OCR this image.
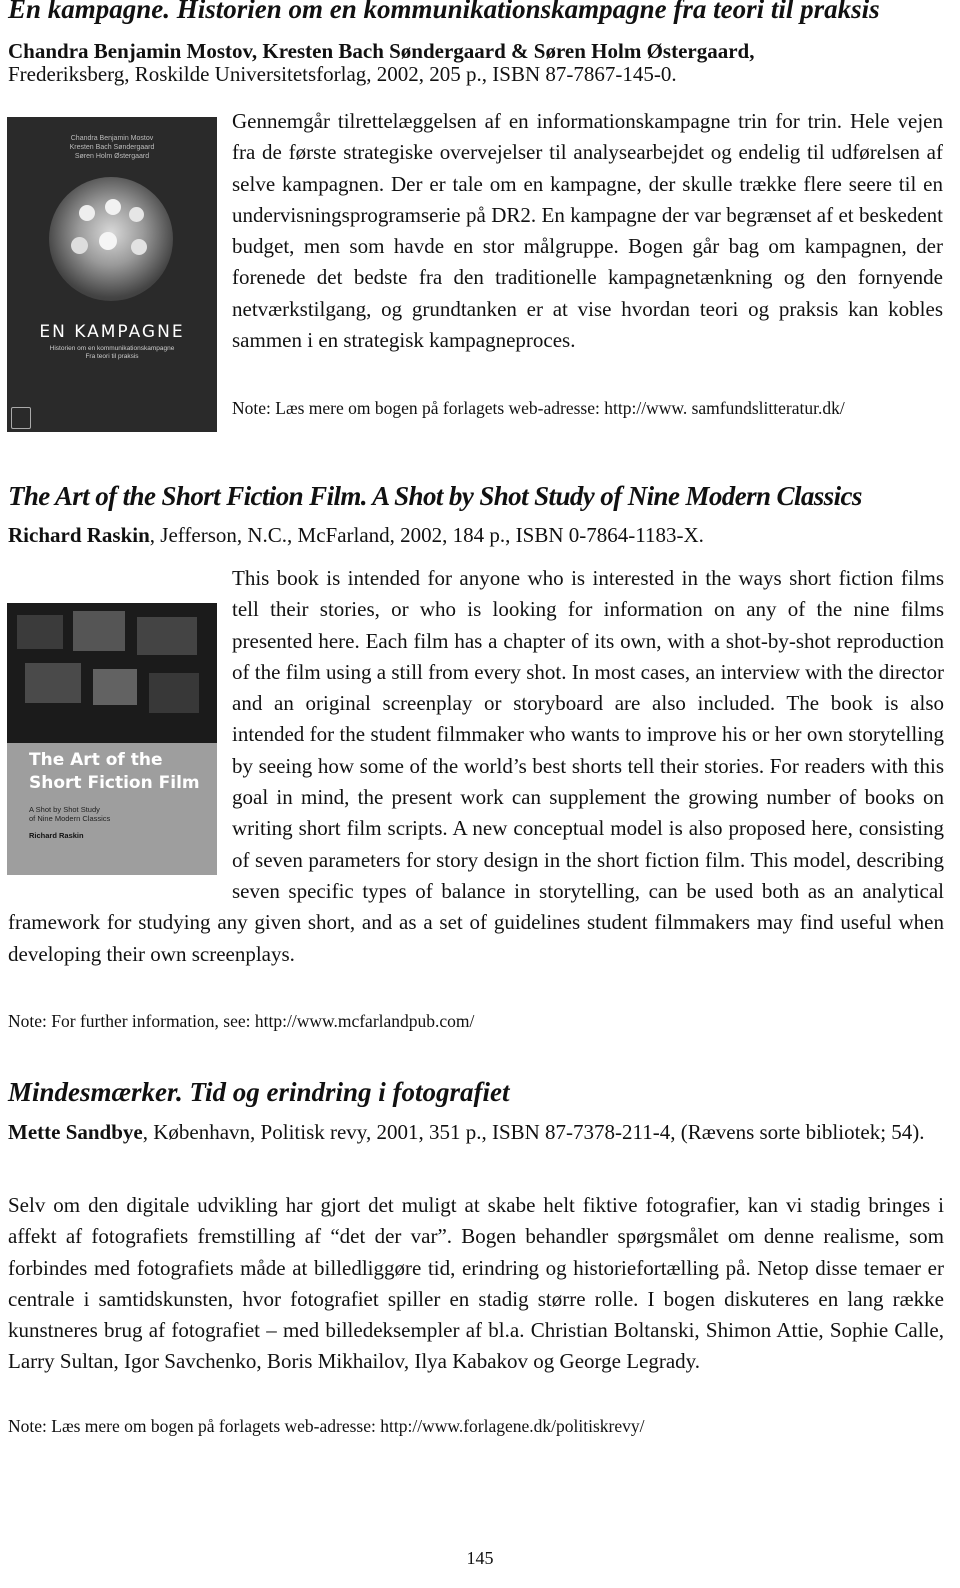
En kampagne. Historien om en kommunikationskampagne fra teori til praksis
Chandra Benjamin Mostov, Kresten Bach Søndergaard & Søren Holm Østergaard,
Frederiksberg, Roskilde Universitetsforlag, 2002, 205 p., ISBN 87-7867-145-0.
Chandra Benjamin Mostov
Kresten Bach Søndergaard
Søren Holm Østergaard
EN KAMPAGNE
Historien om en kommunikationskampagne
Fra teori til praksis
Gennemgår tilrettelæggelsen af en informationskampagne trin for trin. Hele vejen fra de første strategiske overvejelser til analysearbejdet og endelig til udførelsen af selve kampagnen. Der er tale om en kampagne, der skulle trække flere seere til en undervisningsprogramserie på DR2. En kampagne der var begrænset af et beskedent budget, men som havde en stor målgruppe. Bogen går bag om kampagnen, der forenede det bedste fra den traditionelle kampagnetænkning og den fornyende netværkstilgang, og grundtanken er at vise hvordan teori og praksis kan kobles sammen i en strategisk kampagneproces.
Note: Læs mere om bogen på forlagets web-adresse: http://www. samfundslitteratur.dk/
The Art of the Short Fiction Film. A Shot by Shot Study of Nine Modern Classics
Richard Raskin, Jefferson, N.C., McFarland, 2002, 184 p., ISBN 0-7864-1183-X.
The Art of the
Short Fiction Film
A Shot by Shot Study
of Nine Modern Classics
Richard Raskin
This book is intended for anyone who is interested in the ways short fiction films tell their stories, or who is looking for information on any of the nine films presented here. Each film has a chapter of its own, with a shot-by-shot reproduction of the film using a still from every shot. In most cases, an interview with the director and an original screenplay or storyboard are also included. The book is also intended for the student filmmaker who wants to improve his or her own storytelling by seeing how some of the world’s best shorts tell their stories. For readers with this goal in mind, the present work can supplement the growing number of books on writing short film scripts. A new conceptual model is also proposed here, consisting of seven parameters for story design in the short fiction film. This model, describing seven specific types of balance in storytelling, can be used both as an analytical framework for studying any given short, and as a set of guidelines student filmmakers may find useful when developing their own screenplays.
Note: For further information, see: http://www.mcfarlandpub.com/
Mindesmærker. Tid og erindring i fotografiet
Mette Sandbye, København, Politisk revy, 2001, 351 p., ISBN 87-7378-211-4, (Rævens sorte bibliotek; 54).
Selv om den digitale udvikling har gjort det muligt at skabe helt fiktive fotografier, kan vi stadig bringes i affekt af fotografiets fremstilling af “det der var”. Bogen behandler spørgsmålet om denne realisme, som forbindes med fotografiets måde at billedliggøre tid, erindring og historiefortælling på. Netop disse temaer er centrale i samtidskunsten, hvor fotografiet spiller en stadig større rolle. I bogen diskuteres en lang række kunstneres brug af fotografiet – med billedeksempler af bl.a. Christian Boltanski, Shimon Attie, Sophie Calle, Larry Sultan, Igor Savchenko, Boris Mikhailov, Ilya Kabakov og George Legrady.
Note: Læs mere om bogen på forlagets web-adresse: http://www.forlagene.dk/politiskrevy/
145
